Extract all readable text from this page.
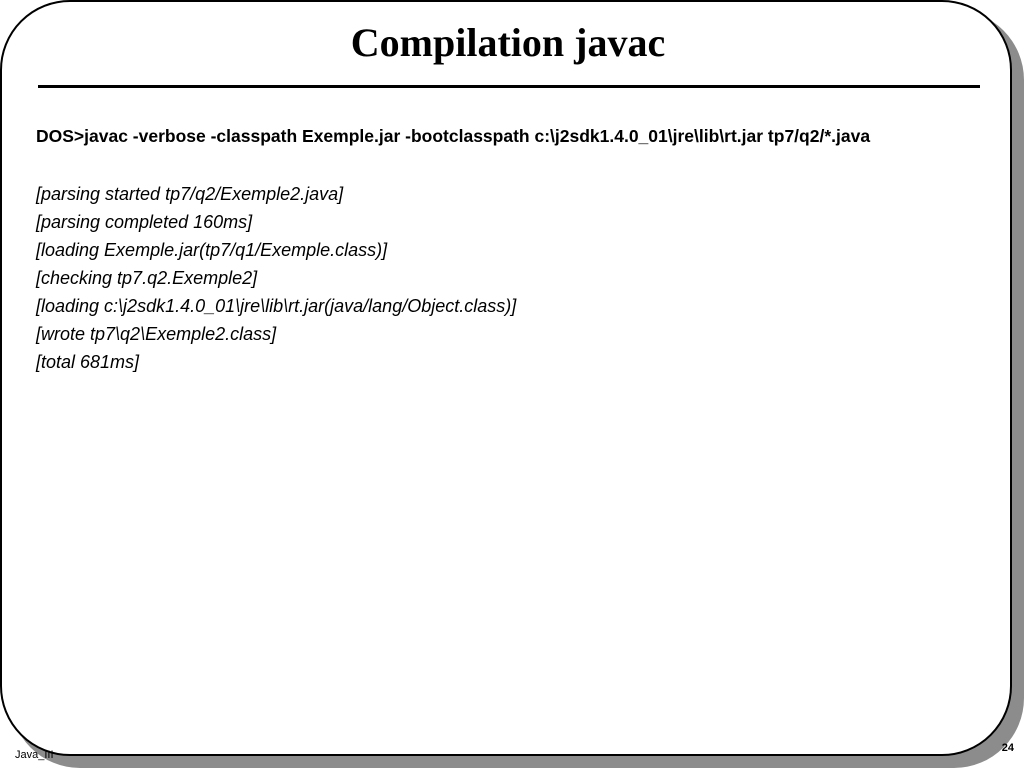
Compilation javac
DOS>javac -verbose -classpath Exemple.jar -bootclasspath c:\j2sdk1.4.0_01\jre\lib\rt.jar tp7/q2/*.java
[parsing started tp7/q2/Exemple2.java]
[parsing completed 160ms]
[loading Exemple.jar(tp7/q1/Exemple.class)]
[checking tp7.q2.Exemple2]
[loading c:\j2sdk1.4.0_01\jre\lib\rt.jar(java/lang/Object.class)]
[wrote tp7\q2\Exemple2.class]
[total 681ms]
Java_III
24
